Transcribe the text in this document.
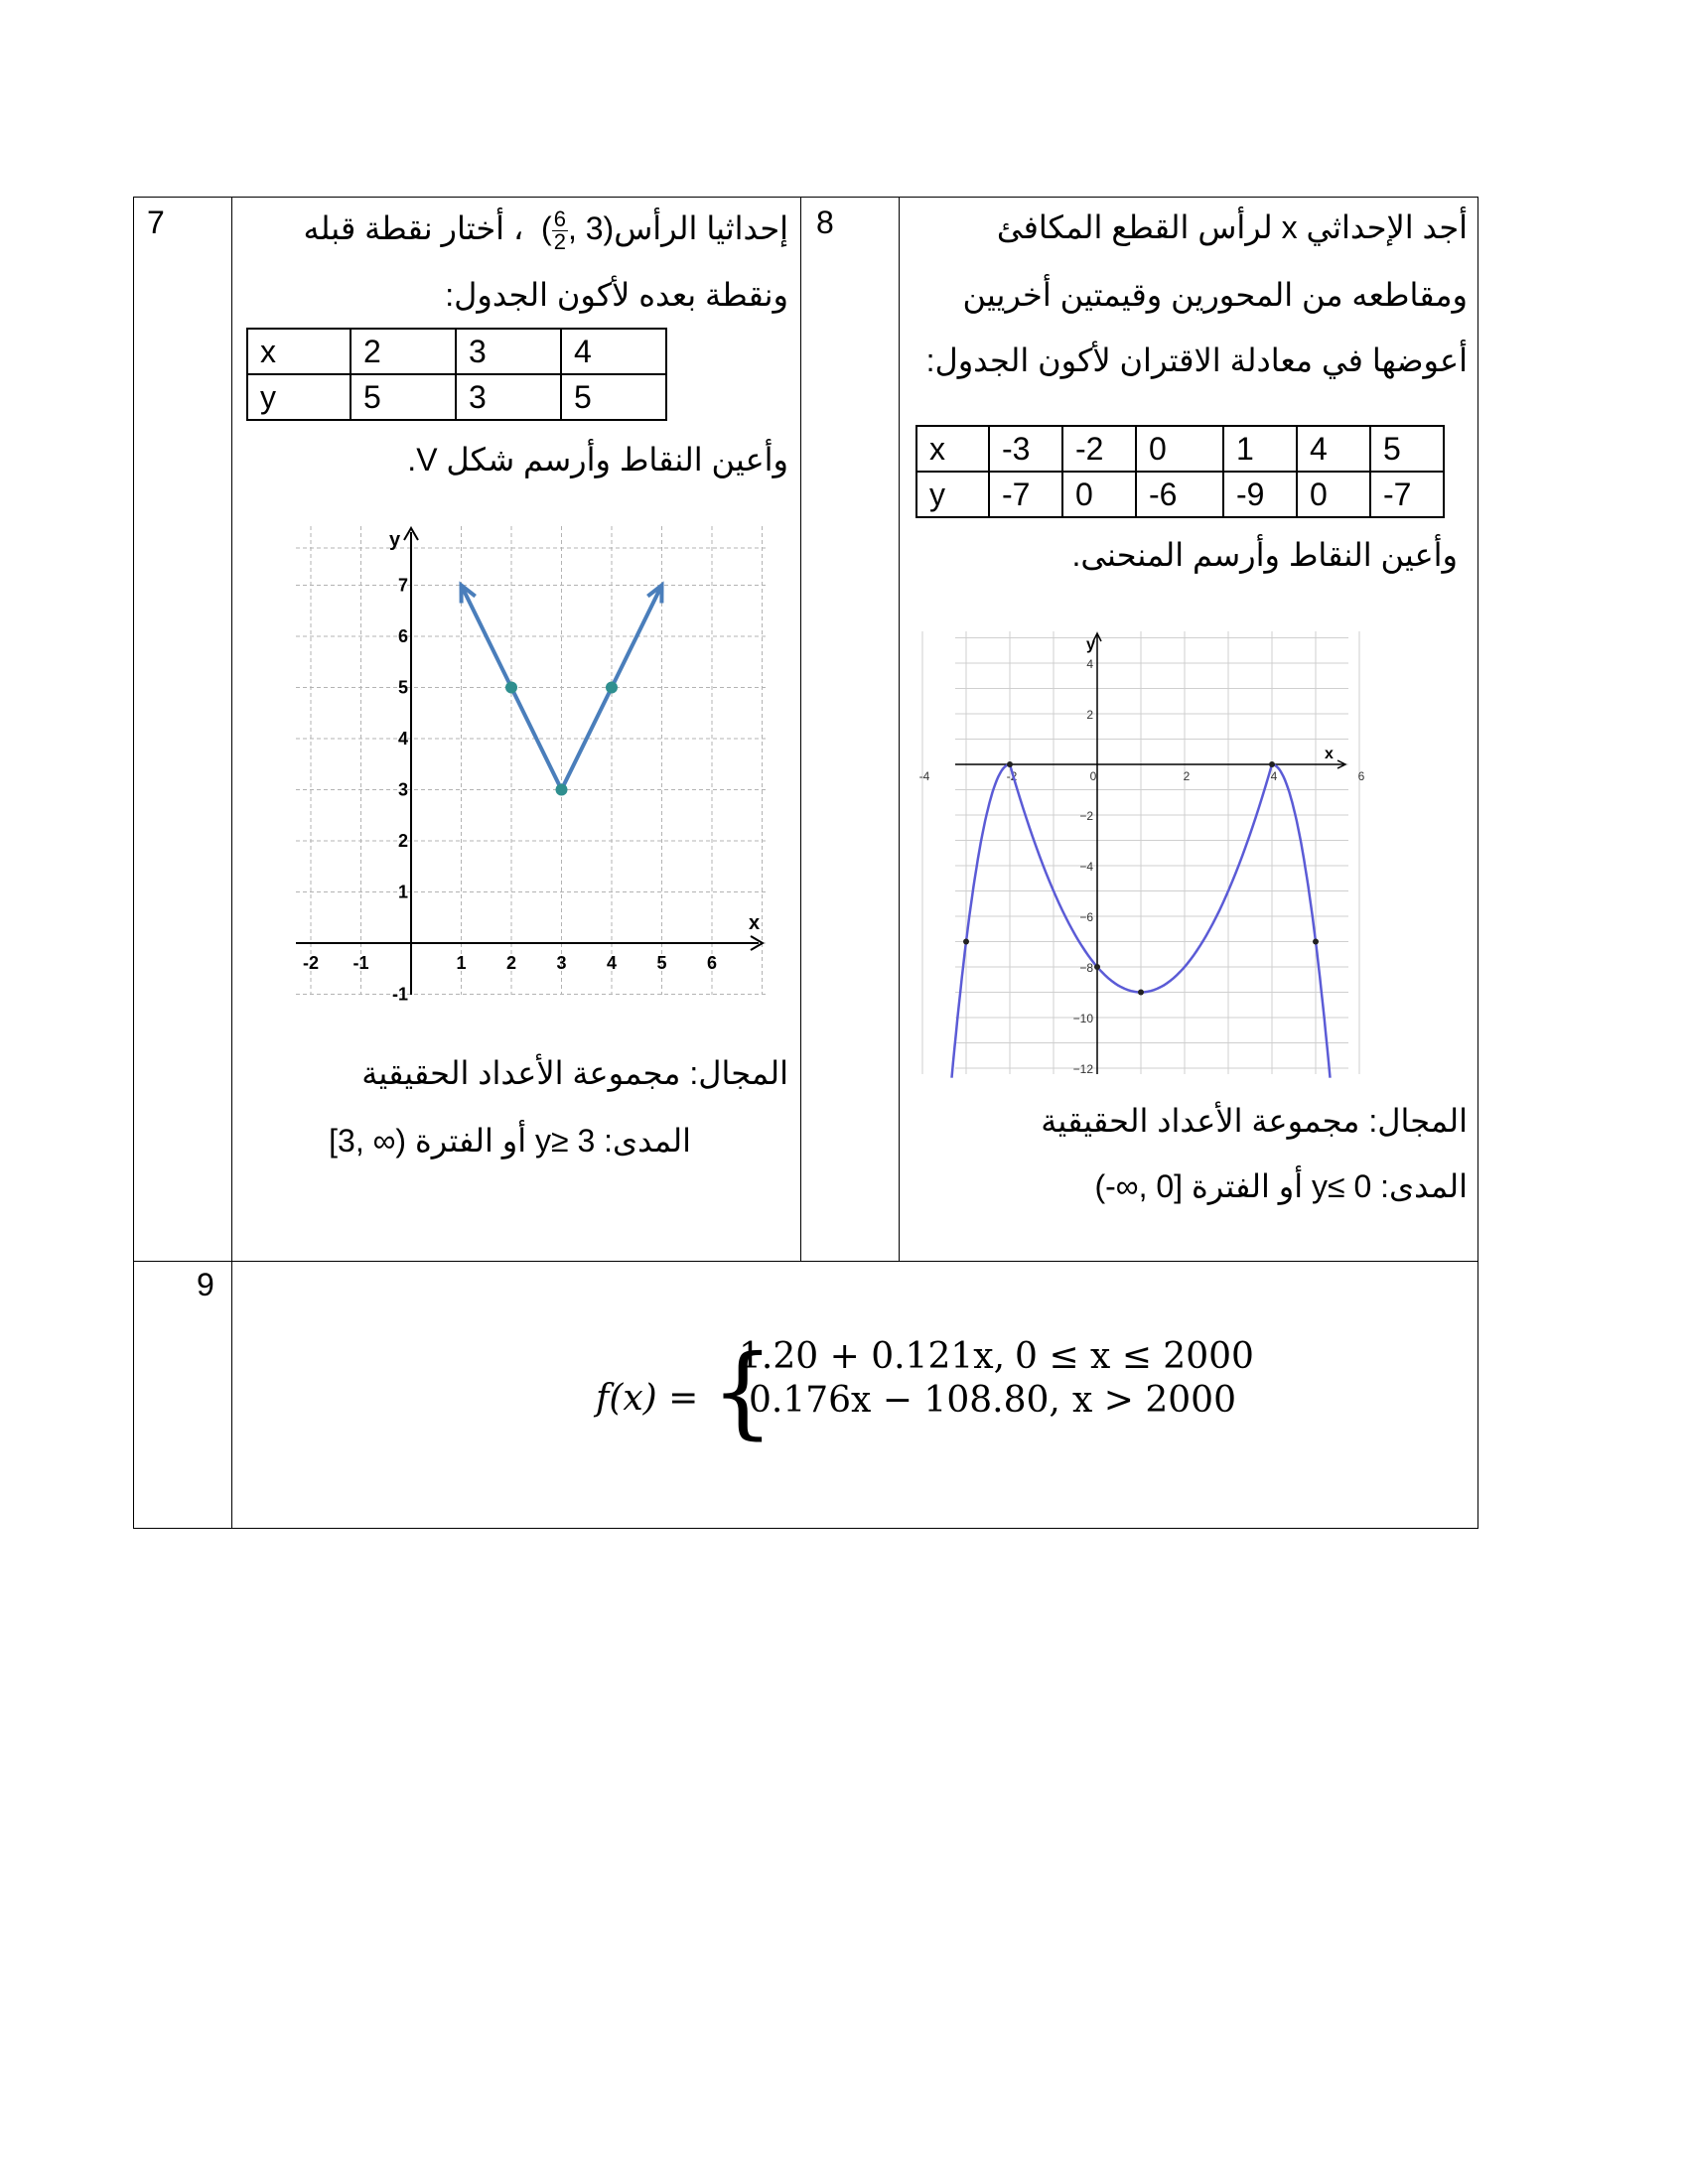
7	8
9
إحداثيا الرأس( $\frac{6}{2}$ , 3)  ، أختار نقطة قبله
ونقطة بعده لأكون الجدول:
x	2	3	4
y	5	3	5
وأعين النقاط وأرسم شكل V.
x
y
-2 -1	1 2 3 4 5 6
-1
1
2
3
4
5
6
7
المجال: مجموعة الأعداد الحقيقية
المدى: 3 ≤y أو الفترة (∞ ,3]
أجد الإحداثي x لرأس القطع المكافئ
ومقاطعه من المحورين وقيمتين أخريين
أعوضها في معادلة الاقتران لأكون الجدول:
x	-3	-2	0	1	4	5
y	-7	0	-6	-9	0	-7
وأعين النقاط وأرسم المنحنى.
x
y
-4	-2	0	2	4	6
4
2
−2
−4
−6
−8
−10
−12
المجال: مجموعة الأعداد الحقيقية
المدى: 0 ≥y أو الفترة [0 ,∞-)
f(x) = {
1.20 + 0.121x, 0 ≤ x ≤ 2000
0.176x − 108.80, x > 2000
